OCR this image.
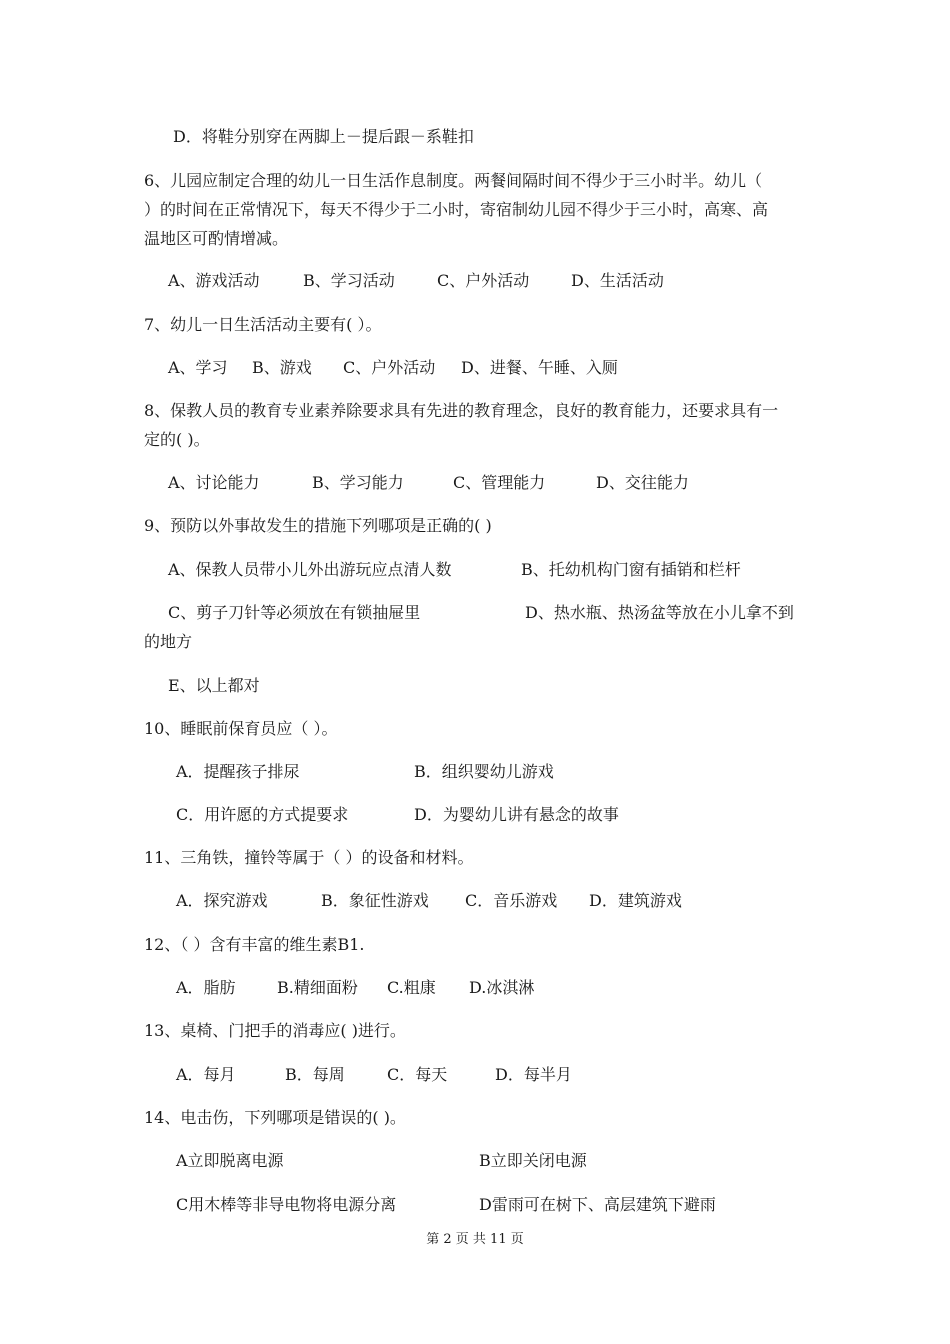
D．将鞋分别穿在两脚上－提后跟－系鞋扣
6、儿园应制定合理的幼儿一日生活作息制度。两餐间隔时间不得少于三小时半。幼儿（
）的时间在正常情况下，每天不得少于二小时，寄宿制幼儿园不得少于三小时，高寒、高
温地区可酌情增减。
A、游戏活动	B、学习活动	C、户外活动	D、生活活动
7、幼儿一日生活活动主要有( ）。
A、学习 B、游戏 C、户外活动 D、进餐、午睡、入厕
8、保教人员的教育专业素养除要求具有先进的教育理念，良好的教育能力，还要求具有一
定的( )。
A、讨论能力	B、学习能力	C、管理能力	D、交往能力
9、预防以外事故发生的措施下列哪项是正确的( )
A、保教人员带小儿外出游玩应点清人数	B、托幼机构门窗有插销和栏杆
C、剪子刀针等必须放在有锁抽屉里	D、热水瓶、热汤盆等放在小儿拿不到
的地方
E、以上都对
10、睡眠前保育员应（ ）。
A．提醒孩子排尿	B．组织婴幼儿游戏
C．用许愿的方式提要求	D．为婴幼儿讲有悬念的故事
11、三角铁，撞铃等属于（ ）的设备和材料。
A．探究游戏	B．象征性游戏 C．音乐游戏 D．建筑游戏
12、（ ）含有丰富的维生素B1.
A．脂肪	B.精细面粉 C.粗康 D.冰淇淋
13、桌椅、门把手的消毒应( )进行。
A．每月	B．每周	C．每天	D．每半月
14、电击伤，下列哪项是错误的( )。
A立即脱离电源	B立即关闭电源
C用木棒等非导电物将电源分离	D雷雨可在树下、高层建筑下避雨
第 2 页 共 11 页
